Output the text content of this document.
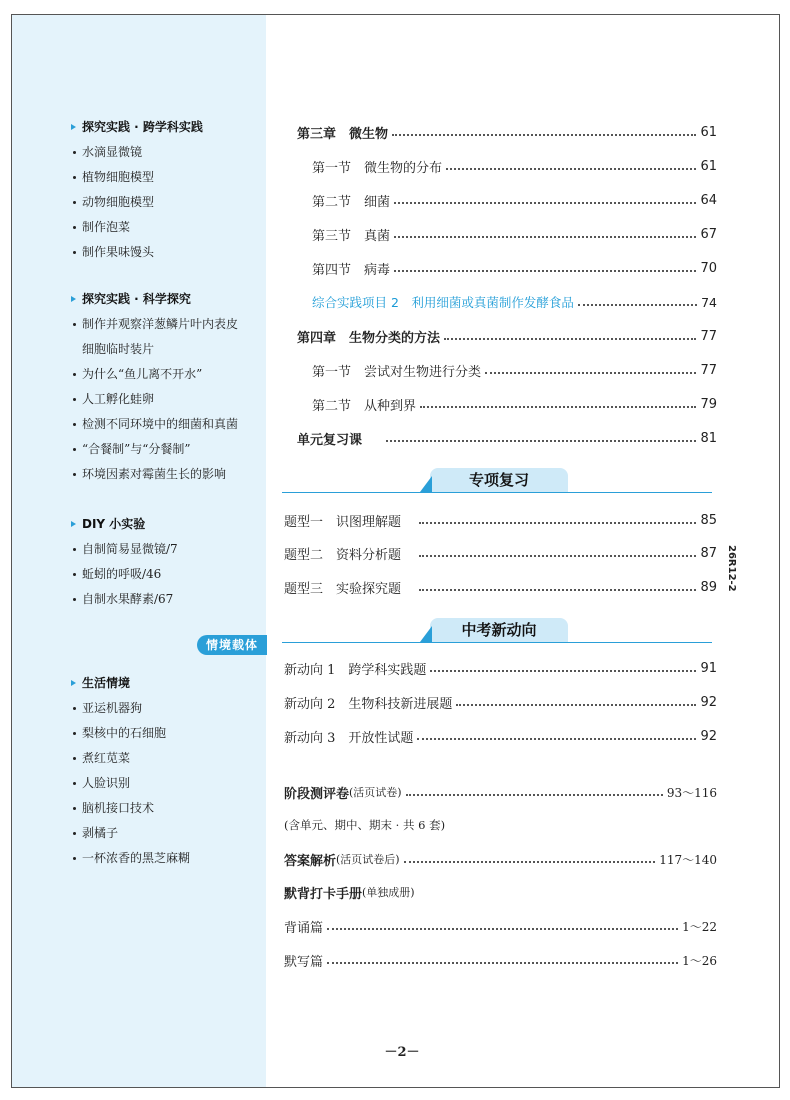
探究实践 · 跨学科实践
水滴显微镜
植物细胞模型
动物细胞模型
制作泡菜
制作果味馒头
探究实践 · 科学探究
制作并观察洋葱鳞片叶内表皮
细胞临时装片
为什么“鱼儿离不开水”
人工孵化蛙卵
检测不同环境中的细菌和真菌
“合餐制”与“分餐制”
环境因素对霉菌生长的影响
DIY 小实验
自制简易显微镜/7
蚯蚓的呼吸/46
自制水果酵素/67
生活情境
亚运机器狗
梨核中的石细胞
煮红苋菜
人脸识别
脑机接口技术
剥橘子
一杯浓香的黑芝麻糊
情境载体
第三章　微生物	61
第一节　微生物的分布	61
第二节　细菌	64
第三节　真菌	67
第四节　病毒	70
综合实践项目 2　利用细菌或真菌制作发酵食品	74
第四章　生物分类的方法	77
第一节　尝试对生物进行分类	77
第二节　从种到界	79
单元复习课	81
专项复习
题型一　识图理解题	85
题型二　资料分析题	87
题型三　实验探究题	89
中考新动向
新动向 1　跨学科实践题	91
新动向 2　生物科技新进展题	92
新动向 3　开放性试题	92
阶段测评卷 (活页试卷)	93～116
(含单元、期中、期末 · 共 6 套)
答案解析 (活页试卷后)	117～140
默背打卡手册 (单独成册)
背诵篇	1～22
默写篇	1～26
26R12-2
－2－
